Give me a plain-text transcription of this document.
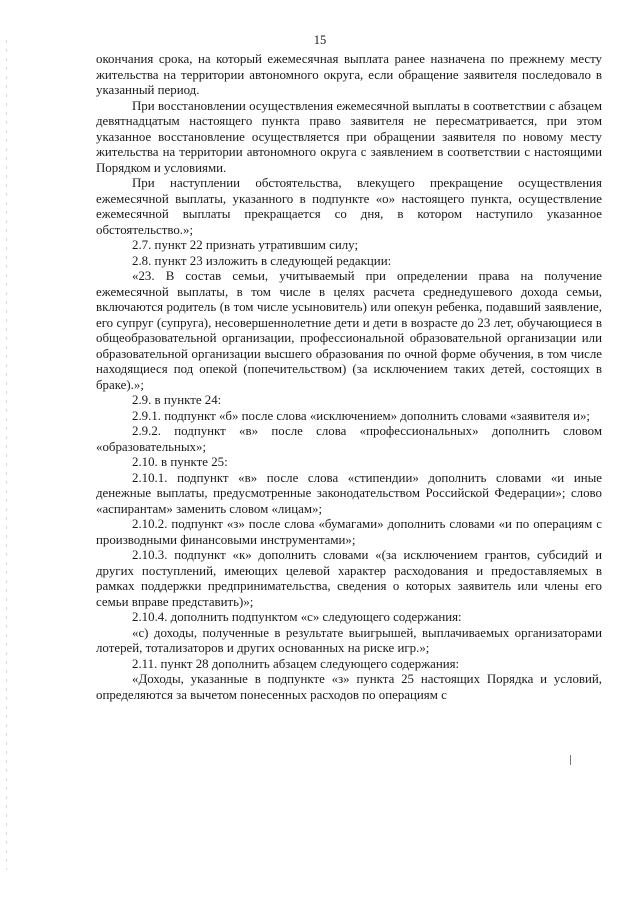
15

окончания срока, на который ежемесячная выплата ранее назначена по прежнему месту жительства на территории автономного округа, если обращение заявителя последовало в указанный период.

При восстановлении осуществления ежемесячной выплаты в соответствии с абзацем девятнадцатым настоящего пункта право заявителя не пересматривается, при этом указанное восстановление осуществляется при обращении заявителя по новому месту жительства на территории автономного округа с заявлением в соответствии с настоящими Порядком и условиями.

При наступлении обстоятельства, влекущего прекращение осуществления ежемесячной выплаты, указанного в подпункте «о» настоящего пункта, осуществление ежемесячной выплаты прекращается со дня, в котором наступило указанное обстоятельство.»;

2.7. пункт 22 признать утратившим силу;

2.8. пункт 23 изложить в следующей редакции:

«23. В состав семьи, учитываемый при определении права на получение ежемесячной выплаты, в том числе в целях расчета среднедушевого дохода семьи, включаются родитель (в том числе усыновитель) или опекун ребенка, подавший заявление, его супруг (супруга), несовершеннолетние дети и дети в возрасте до 23 лет, обучающиеся в общеобразовательной организации, профессиональной образовательной организации или образовательной организации высшего образования по очной форме обучения, в том числе находящиеся под опекой (попечительством) (за исключением таких детей, состоящих в браке).»;

2.9. в пункте 24:

2.9.1. подпункт «б» после слова «исключением» дополнить словами «заявителя и»;

2.9.2. подпункт «в» после слова «профессиональных» дополнить словом «образовательных»;

2.10. в пункте 25:

2.10.1. подпункт «в» после слова «стипендии» дополнить словами «и иные денежные выплаты, предусмотренные законодательством Российской Федерации»; слово «аспирантам» заменить словом «лицам»;

2.10.2. подпункт «з» после слова «бумагами» дополнить словами «и по операциям с производными финансовыми инструментами»;

2.10.3. подпункт «к» дополнить словами «(за исключением грантов, субсидий и других поступлений, имеющих целевой характер расходования и предоставляемых в рамках поддержки предпринимательства, сведения о которых заявитель или члены его семьи вправе представить)»;

2.10.4. дополнить подпунктом «с» следующего содержания:

«с) доходы, полученные в результате выигрышей, выплачиваемых организаторами лотерей, тотализаторов и других основанных на риске игр.»;

2.11. пункт 28 дополнить абзацем следующего содержания:

«Доходы, указанные в подпункте «з» пункта 25 настоящих Порядка и условий, определяются за вычетом понесенных расходов по операциям с
